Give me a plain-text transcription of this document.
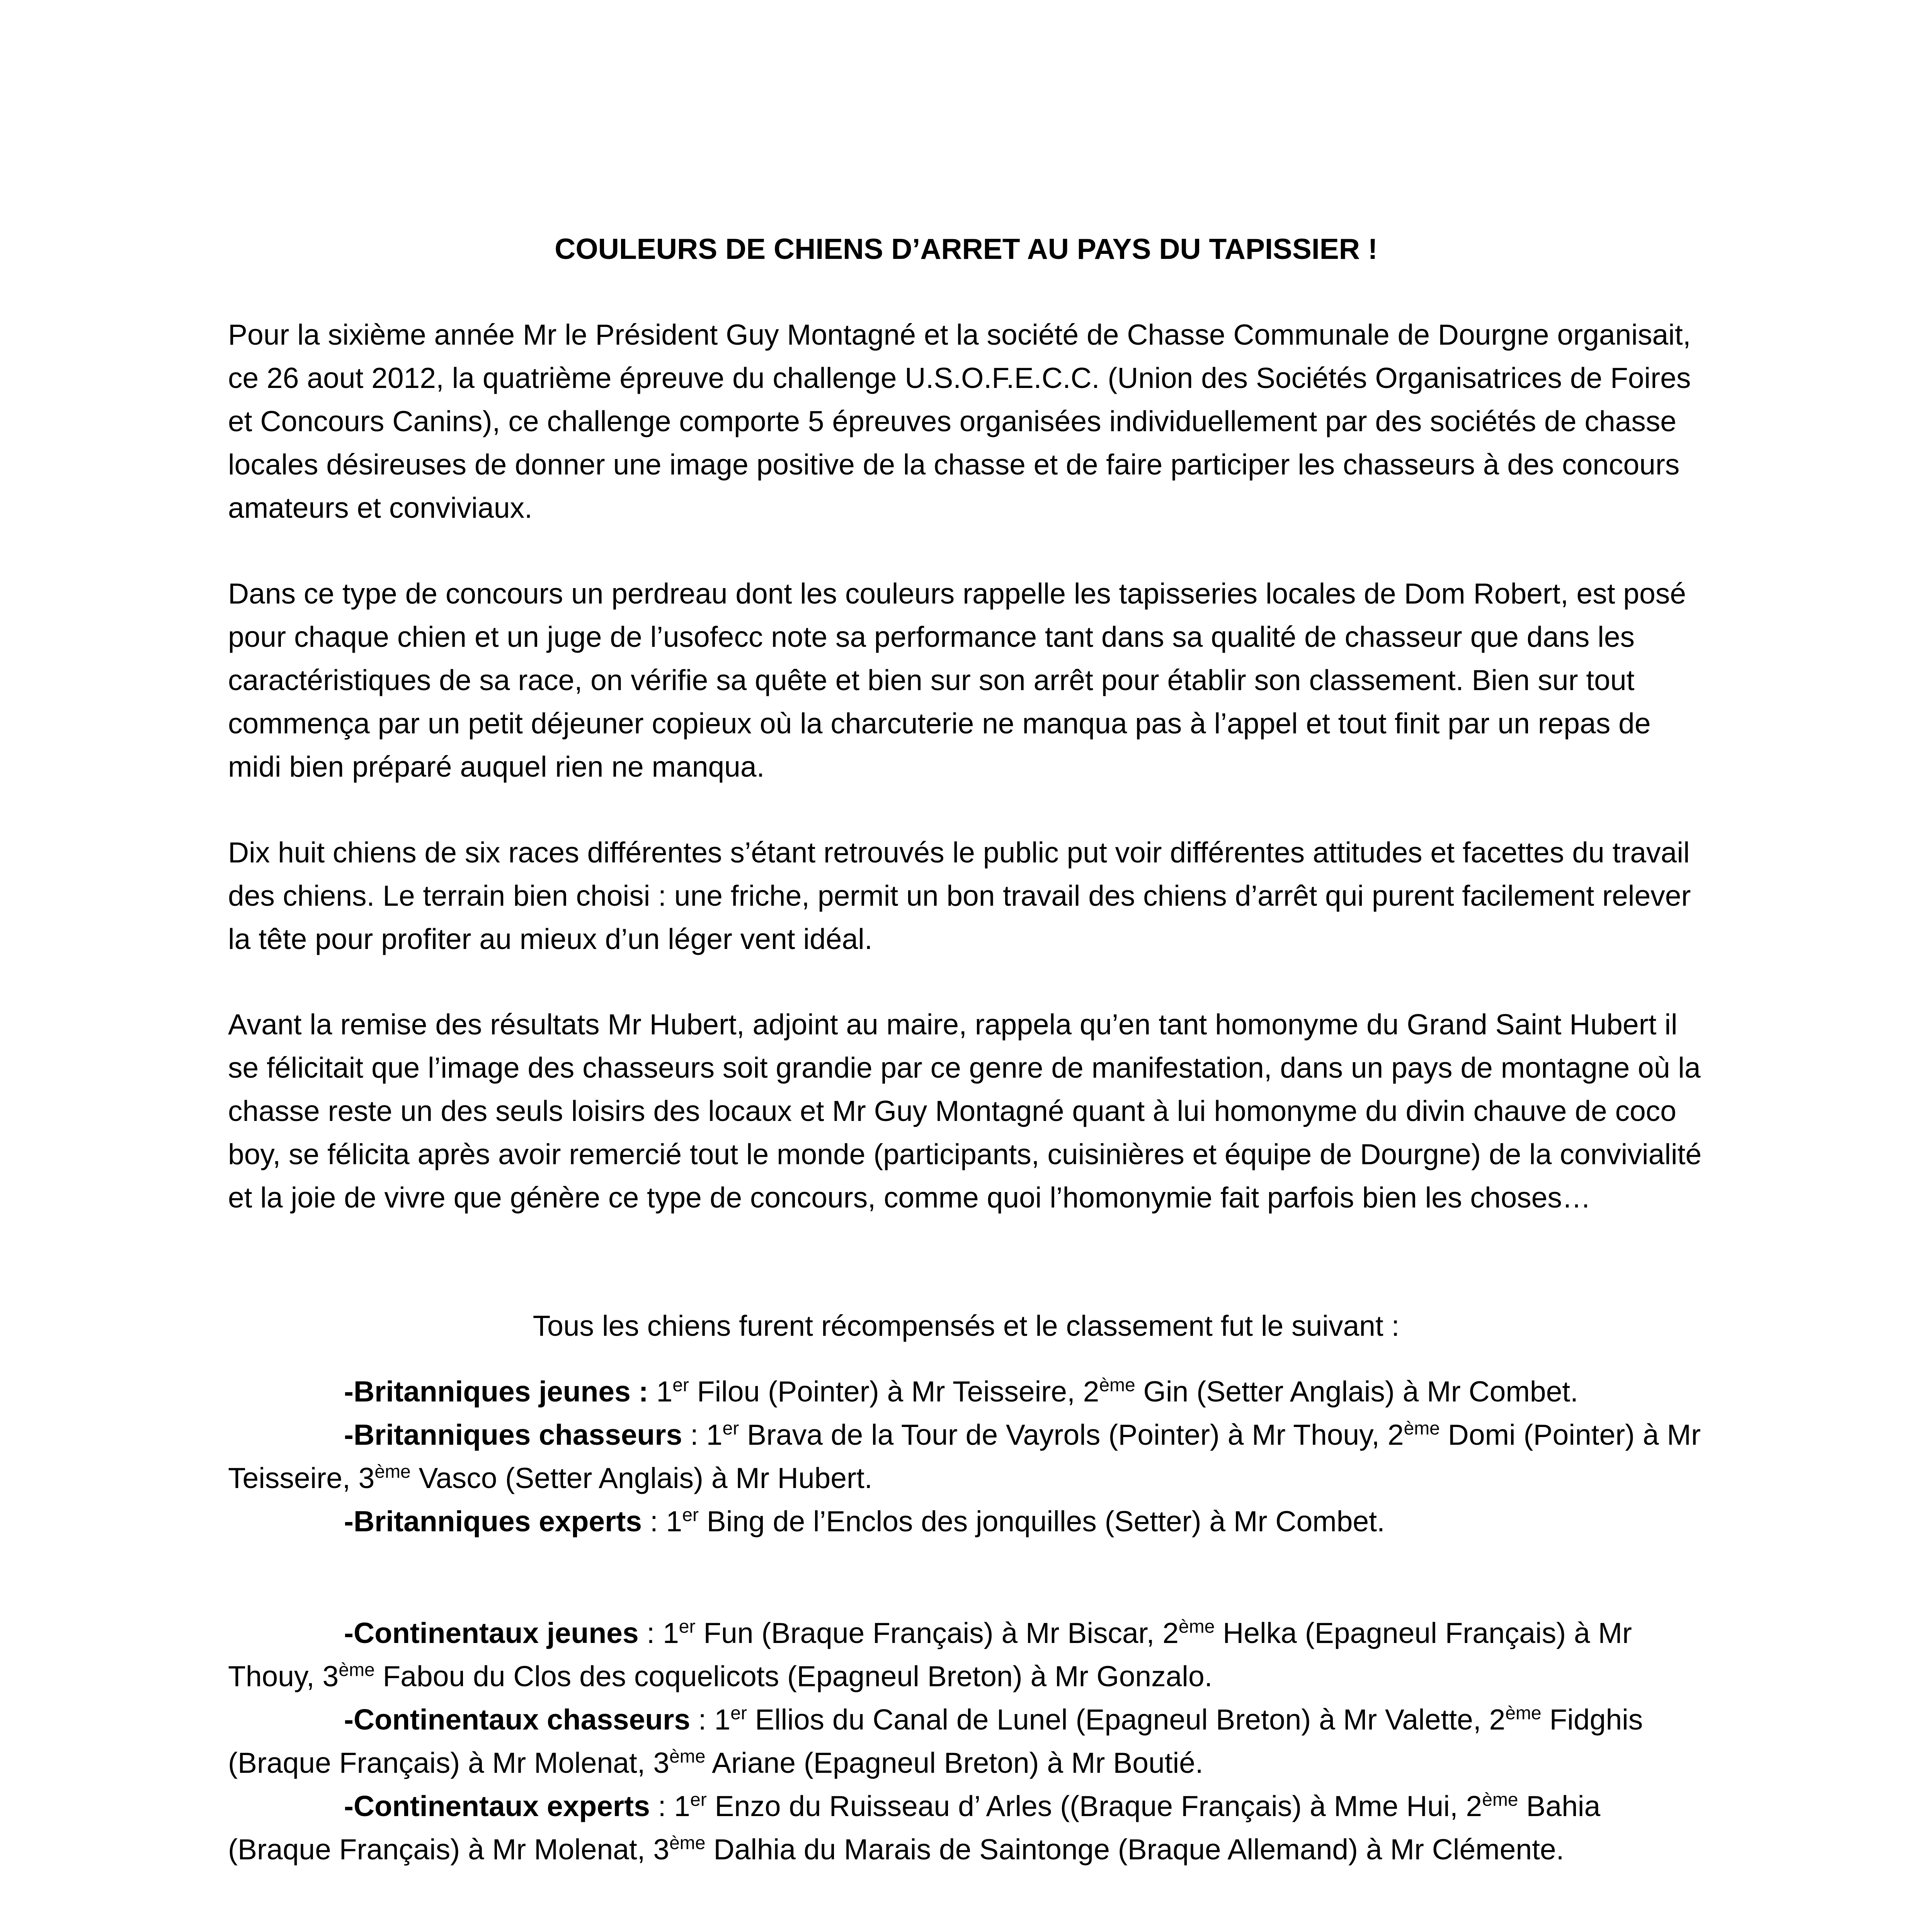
COULEURS DE CHIENS D’ARRET AU PAYS DU TAPISSIER !

Pour la sixième année Mr le Président Guy Montagné et la société de Chasse Communale de Dourgne organisait, ce 26 aout 2012, la quatrième épreuve du challenge U.S.O.F.E.C.C. (Union des Sociétés Organisatrices de Foires et Concours Canins), ce challenge comporte 5 épreuves organisées individuellement par des sociétés de chasse locales désireuses de donner une image positive de la chasse et de faire participer les chasseurs à des concours amateurs et conviviaux.

Dans ce type de concours un perdreau dont les couleurs rappelle les tapisseries locales de Dom Robert, est posé pour chaque chien et un juge de l’usofecc note sa performance tant dans sa qualité de chasseur que dans les caractéristiques de sa race, on vérifie sa quête et bien sur son arrêt pour établir son classement. Bien sur tout commença par un petit déjeuner copieux où la charcuterie ne manqua pas à l’appel et tout finit par un repas de midi bien préparé auquel rien ne manqua.

Dix huit chiens de six races différentes s’étant retrouvés le public put voir différentes attitudes et facettes du travail des chiens. Le terrain bien choisi : une friche, permit un bon travail des chiens d’arrêt qui purent facilement relever la tête pour profiter au mieux d’un léger vent idéal.

Avant la remise des résultats Mr Hubert, adjoint au maire, rappela qu’en tant homonyme du Grand Saint Hubert il se félicitait que l’image des chasseurs soit grandie par ce genre de manifestation, dans un pays de montagne où la chasse reste un des seuls loisirs des locaux et Mr Guy Montagné quant à lui homonyme du divin chauve de coco boy, se félicita après avoir remercié tout le monde (participants, cuisinières et équipe de Dourgne) de la convivialité et la joie de vivre que génère ce type de concours, comme quoi l’homonymie fait parfois bien les choses…

Tous les chiens furent récompensés et le classement fut le suivant :

-Britanniques jeunes : 1er Filou (Pointer) à Mr Teisseire, 2ème Gin (Setter Anglais) à Mr Combet.

-Britanniques chasseurs : 1er Brava de la Tour de Vayrols (Pointer) à Mr Thouy, 2ème Domi (Pointer) à Mr Teisseire, 3ème Vasco (Setter Anglais) à Mr Hubert.

-Britanniques experts : 1er Bing de l’Enclos des jonquilles (Setter) à Mr Combet.

-Continentaux jeunes : 1er Fun (Braque Français) à Mr Biscar, 2ème Helka (Epagneul Français) à Mr Thouy, 3ème Fabou du Clos des coquelicots (Epagneul Breton) à Mr Gonzalo.

-Continentaux chasseurs : 1er Ellios du Canal de Lunel (Epagneul Breton) à Mr Valette, 2ème Fidghis (Braque Français) à Mr Molenat, 3ème Ariane (Epagneul Breton) à Mr Boutié.

-Continentaux experts : 1er Enzo du Ruisseau d’ Arles ((Braque Français) à Mme Hui, 2ème Bahia (Braque Français) à Mr Molenat, 3ème Dalhia du Marais de Saintonge (Braque Allemand) à Mr Clémente.
